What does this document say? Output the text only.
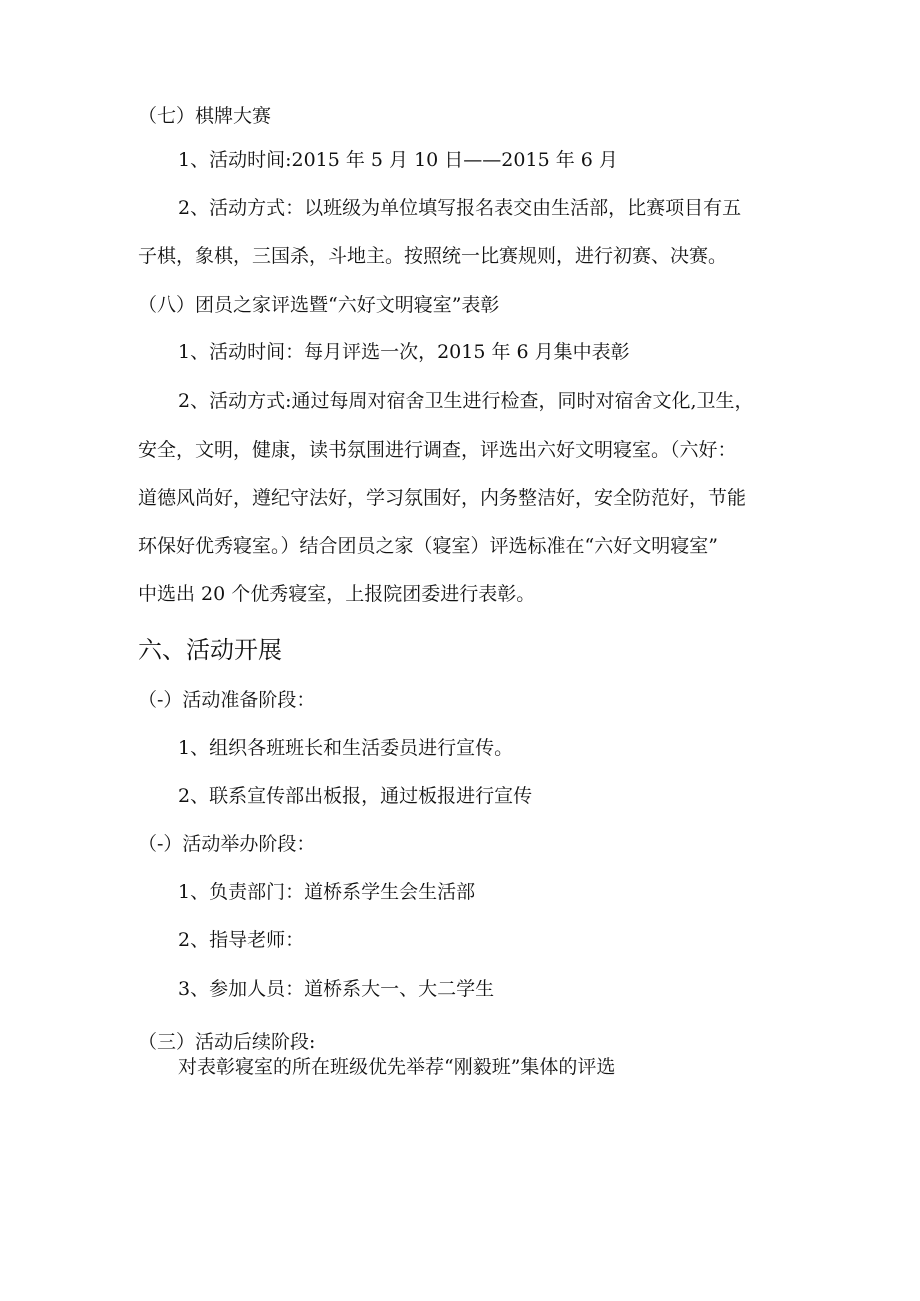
（七）棋牌大赛
1、活动时间:2015 年 5 月 10 日——2015 年 6 月
2、活动方式：以班级为单位填写报名表交由生活部，比赛项目有五
子棋，象棋，三国杀，斗地主。按照统一比赛规则，进行初赛、决赛。
（八）团员之家评选暨“六好文明寝室”表彰
1、活动时间：每月评选一次，2015 年 6 月集中表彰
2、活动方式:通过每周对宿舍卫生进行检查，同时对宿舍文化,卫生，
安全，文明，健康，读书氛围进行调查，评选出六好文明寝室。（六好：
道德风尚好，遵纪守法好，学习氛围好，内务整洁好，安全防范好，节能
环保好优秀寝室。）结合团员之家（寝室）评选标准在“六好文明寝室”
中选出 20 个优秀寝室，上报院团委进行表彰。
六、活动开展
（-）活动准备阶段：
1、组织各班班长和生活委员进行宣传。
2、联系宣传部出板报，通过板报进行宣传
（-）活动举办阶段：
1、负责部门：道桥系学生会生活部
2、指导老师：
3、参加人员：道桥系大一、大二学生
（三）活动后续阶段:
对表彰寝室的所在班级优先举荐“刚毅班”集体的评选
